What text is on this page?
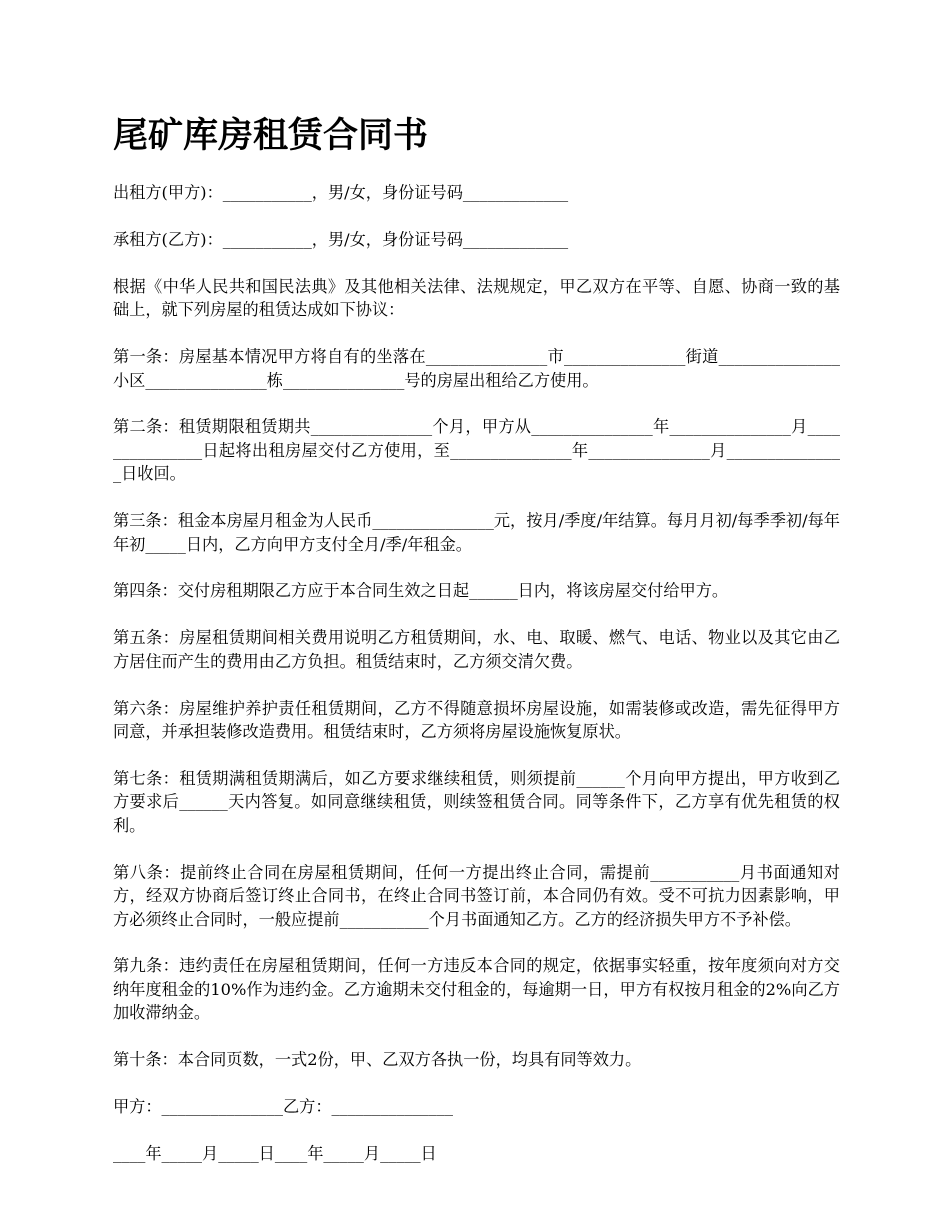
尾矿库房租赁合同书

出租方(甲方)：___________，男/女，身份证号码_____________

承租方(乙方)：___________，男/女，身份证号码_____________

根据《中华人民共和国民法典》及其他相关法律、法规规定，甲乙双方在平等、自愿、协商一致的基础上，就下列房屋的租赁达成如下协议：

第一条：房屋基本情况甲方将自有的坐落在_______________市_______________街道_______________小区_______________栋_______________号的房屋出租给乙方使用。

第二条：租赁期限租赁期共_______________个月，甲方从_______________年_______________月_______________日起将出租房屋交付乙方使用，至_______________年_______________月_______________日收回。

第三条：租金本房屋月租金为人民币_______________元，按月/季度/年结算。每月月初/每季季初/每年年初_____日内，乙方向甲方支付全月/季/年租金。

第四条：交付房租期限乙方应于本合同生效之日起______日内，将该房屋交付给甲方。

第五条：房屋租赁期间相关费用说明乙方租赁期间，水、电、取暖、燃气、电话、物业以及其它由乙方居住而产生的费用由乙方负担。租赁结束时，乙方须交清欠费。

第六条：房屋维护养护责任租赁期间，乙方不得随意损坏房屋设施，如需装修或改造，需先征得甲方同意，并承担装修改造费用。租赁结束时，乙方须将房屋设施恢复原状。

第七条：租赁期满租赁期满后，如乙方要求继续租赁，则须提前______个月向甲方提出，甲方收到乙方要求后______天内答复。如同意继续租赁，则续签租赁合同。同等条件下，乙方享有优先租赁的权利。

第八条：提前终止合同在房屋租赁期间，任何一方提出终止合同，需提前___________月书面通知对方，经双方协商后签订终止合同书，在终止合同书签订前，本合同仍有效。受不可抗力因素影响，甲方必须终止合同时，一般应提前___________个月书面通知乙方。乙方的经济损失甲方不予补偿。

第九条：违约责任在房屋租赁期间，任何一方违反本合同的规定，依据事实轻重，按年度须向对方交纳年度租金的10%作为违约金。乙方逾期未交付租金的，每逾期一日，甲方有权按月租金的2%向乙方加收滞纳金。

第十条：本合同页数，一式2份，甲、乙双方各执一份，均具有同等效力。

甲方：_______________乙方：_______________

____年_____月_____日____年_____月_____日
